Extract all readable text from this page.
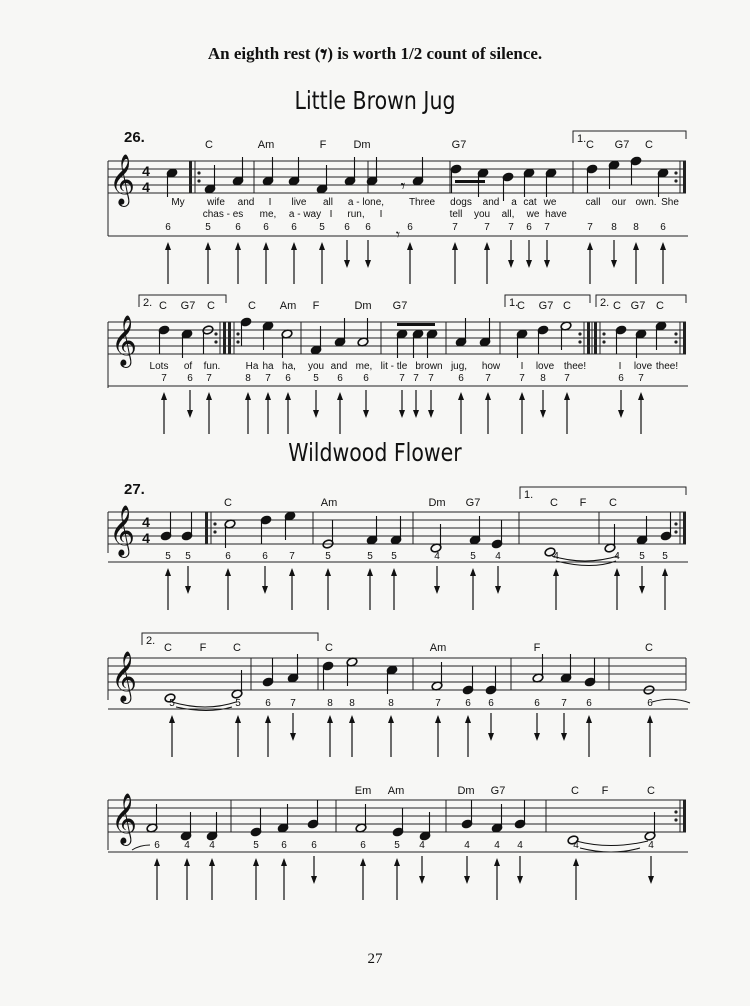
An eighth rest (𝄾) is worth 1/2 count of silence.
Little Brown Jug
Wildwood Flower
27
26.
𝄞 4
4
1.
C	Am	F Dm	G7	C G7 C
𝄾
My wife and I live all a - lone, Three dogs and a cat we	call our own. She
chas - es me, a - way I run, I	tell you all, we have
6	5 6 6 6 5 6 6	6	7	7 7 6 7	7 8 8 6
𝄾
𝄞
2.	1.	2.
C G7 C	C Am F	Dm G7	C G7 C	C G7 C
Lots of fun.	Ha ha ha, you and me, lit - tle brown jug, how I love thee!	I love thee!
7 6 7	8 7 6 5 6 6	7 7 7 6 7	7 8 7	6 7
27.
𝄞 4
4
1.
C	Am	Dm G7	C F C
5 5	6	6 7	5	5 5	4	5 4	4	4 5 5
𝄞
2.
C	F C	C	Am	F	C
5	5 6 7	8 8	8	7 6 6	6 7 6	6
𝄞
Em Am	Dm G7	C F	C
6 4 4	5 6 6	6	5 4	4 4 4	4	4
